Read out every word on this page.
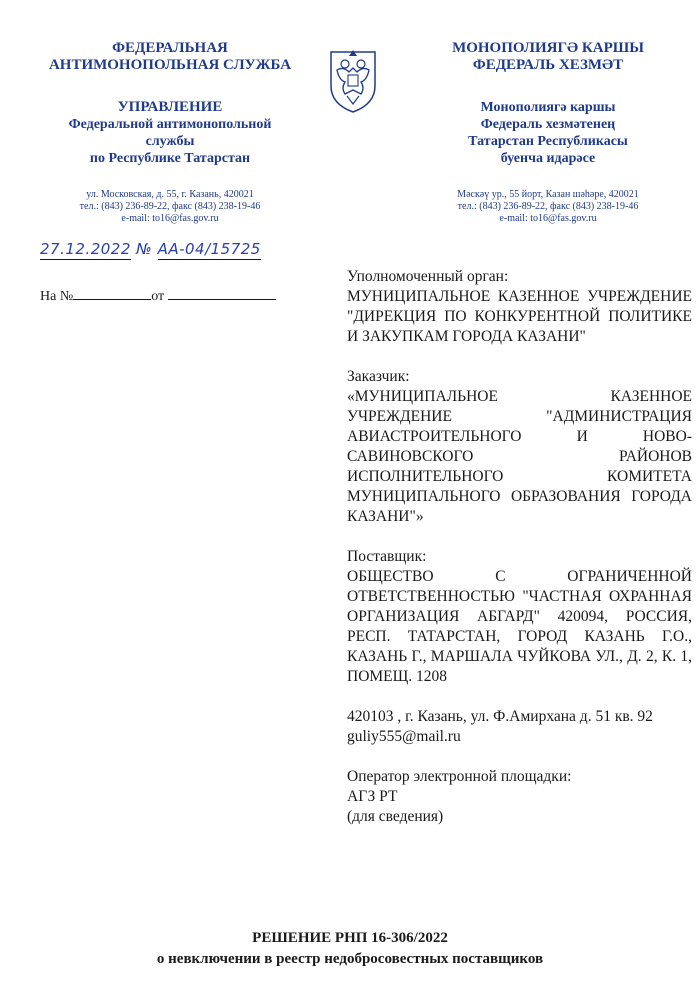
ФЕДЕРАЛЬНАЯ
АНТИМОНОПОЛЬНАЯ СЛУЖБА
УПРАВЛЕНИЕ
Федеральной антимонопольной
службы
по Республике Татарстан
ул. Московская, д. 55, г. Казань, 420021
тел.: (843) 236-89-22, факс (843) 238-19-46
e-mail: to16@fas.gov.ru
МОНОПОЛИЯГӘ КАРШЫ
ФЕДЕРАЛЬ ХЕЗМӘТ
Монополиягә каршы
Федераль хезмәтенең
Татарстан Республикасы
буенча идарәсе
Мәскәү ур., 55 йорт, Казан шәһәре, 420021
тел.: (843) 236-89-22, факс (843) 238-19-46
e-mail: to16@fas.gov.ru
27.12.2022 № АА-04/15725
На №	от
Уполномоченный орган:
МУНИЦИПАЛЬНОЕ КАЗЕННОЕ УЧРЕЖДЕНИЕ "ДИРЕКЦИЯ ПО КОНКУРЕНТНОЙ ПОЛИТИКЕ И ЗАКУПКАМ ГОРОДА КАЗАНИ"
Заказчик:
«МУНИЦИПАЛЬНОЕ КАЗЕННОЕ УЧРЕЖДЕНИЕ "АДМИНИСТРАЦИЯ АВИАСТРОИТЕЛЬНОГО И НОВО-САВИНОВСКОГО РАЙОНОВ ИСПОЛНИТЕЛЬНОГО КОМИТЕТА МУНИЦИПАЛЬНОГО ОБРАЗОВАНИЯ ГОРОДА КАЗАНИ"»
Поставщик:
ОБЩЕСТВО С ОГРАНИЧЕННОЙ ОТВЕТСТВЕННОСТЬЮ "ЧАСТНАЯ ОХРАННАЯ ОРГАНИЗАЦИЯ АБГАРД" 420094, РОССИЯ, РЕСП. ТАТАРСТАН, ГОРОД КАЗАНЬ Г.О., КАЗАНЬ Г., МАРШАЛА ЧУЙКОВА УЛ., Д. 2, К. 1, ПОМЕЩ. 1208
420103 , г. Казань, ул. Ф.Амирхана д. 51 кв. 92
guliy555@mail.ru
Оператор электронной площадки:
АГЗ РТ
(для сведения)
РЕШЕНИЕ РНП 16-306/2022
о невключении в реестр недобросовестных поставщиков
